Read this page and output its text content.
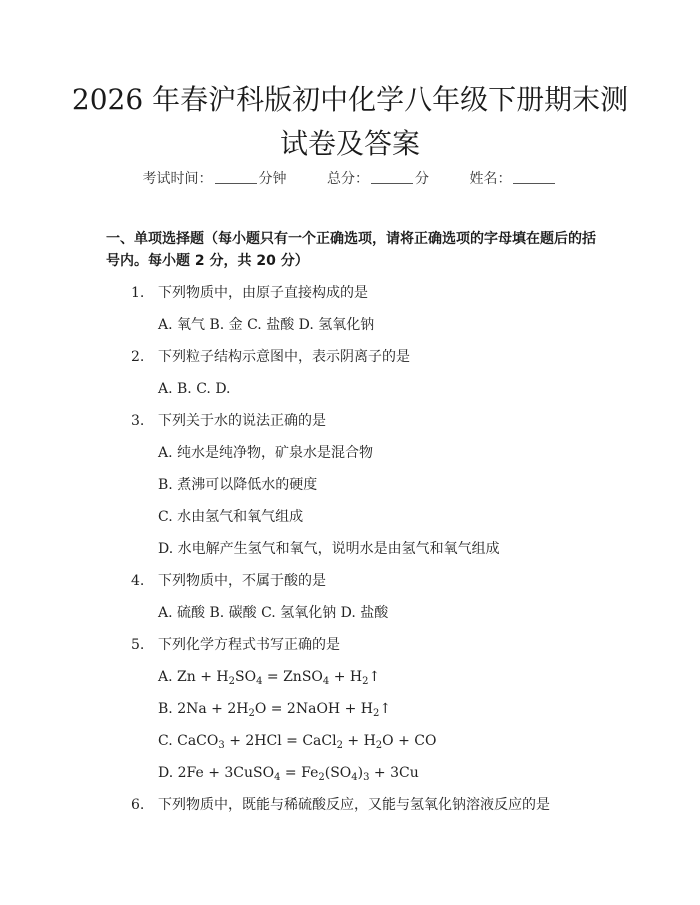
2026 年春沪科版初中化学八年级下册期末测
试卷及答案
考试时间：	分钟	总分：	分	姓名：
一、单项选择题（每小题只有一个正确选项，请将正确选项的字母填在题后的括号内。每小题 2 分，共 20 分）
1. 下列物质中，由原子直接构成的是
A. 氧气 B. 金 C. 盐酸 D. 氢氧化钠
2. 下列粒子结构示意图中，表示阴离子的是
A. B. C. D.
3. 下列关于水的说法正确的是
A. 纯水是纯净物，矿泉水是混合物
B. 煮沸可以降低水的硬度
C. 水由氢气和氧气组成
D. 水电解产生氢气和氧气，说明水是由氢气和氧气组成
4. 下列物质中，不属于酸的是
A. 硫酸 B. 碳酸 C. 氢氧化钠 D. 盐酸
5. 下列化学方程式书写正确的是
A. $Zn + H_2SO_4$ = ZnSO$_4$ + $H_2↑$
B. $2Na + 2H_2O$ = 2NaOH + $H_2↑$
C. CaCO$_3$ + 2HCl = CaCl$_2$ + $H_2O$ + CO
D. 2Fe + 3CuSO$_4$ = $Fe_2(SO_4)_3 + 3Cu$
6. 下列物质中，既能与稀硫酸反应，又能与氢氧化钠溶液反应的是
